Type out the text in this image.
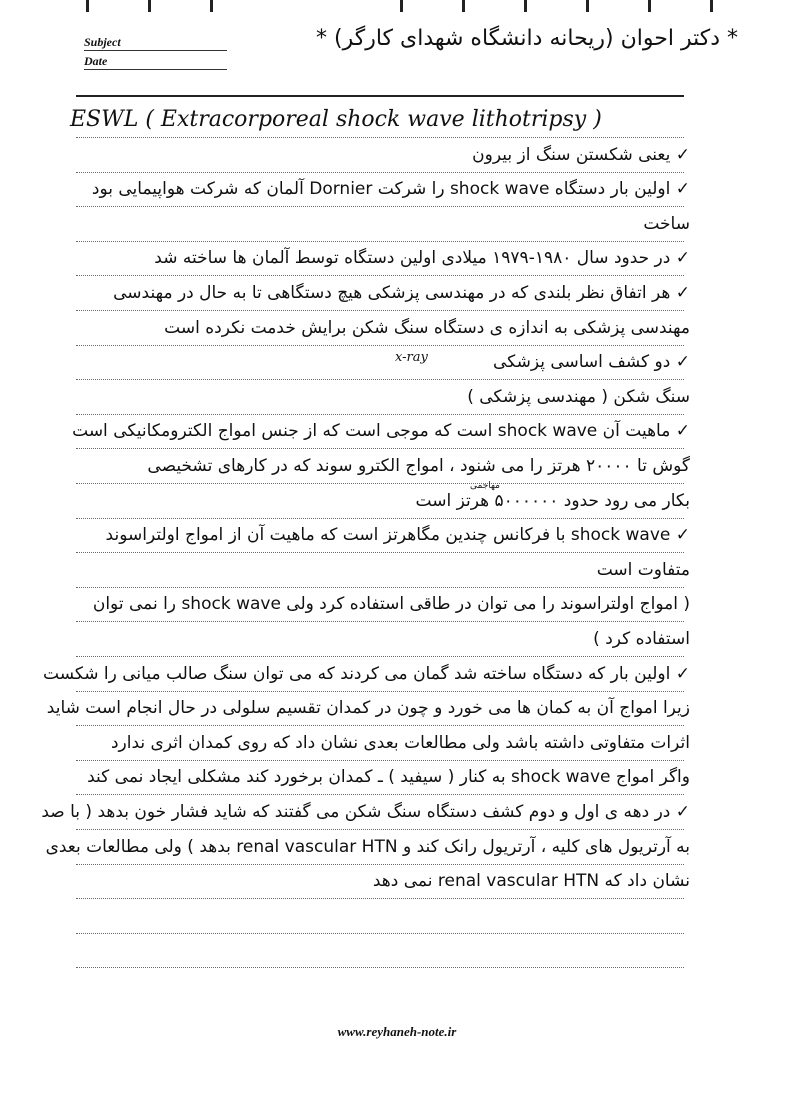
Subject
Date
* دکتر احوان (ریحانه دانشگاه شهدای کارگر) *
ESWL ( Extracorporeal shock wave lithotripsy )
✓ یعنی شکستن سنگ از بیرون
✓ اولین بار دستگاه shock wave را شرکت Dornier آلمان که شرکت هواپیمایی بود
ساخت
✓ در حدود سال ۱۹۸۰-۱۹۷۹ میلادی اولین دستگاه توسط آلمان ها ساخته شد
✓ هر اتفاق نظر بلندی که در مهندسی پزشکی هیچ دستگاهی تا به حال در مهندسی
مهندسی پزشکی به اندازه ی دستگاه سنگ شکن برایش خدمت نکرده است
✓ دو کشف اساسی پزشکی
سنگ شکن ( مهندسی پزشکی )
✓ ماهیت آن shock wave است که موجی است که از جنس امواج الکترومکانیکی است
گوش تا ۲۰۰۰۰ هرتز را می شنود ، امواج الکترو سوند که در کارهای تشخیصی
بکار می رود حدود ۵۰۰۰۰۰۰ هرتز است
✓ shock wave با فرکانس چندین مگاهرتز است که ماهیت آن از امواج اولتراسوند
متفاوت است
( امواج اولتراسوند را می توان در طاقی استفاده کرد ولی shock wave را نمی توان
استفاده کرد )
✓ اولین بار که دستگاه ساخته شد گمان می کردند که می توان سنگ صالب میانی را شکست
زیرا امواج آن به کمان ها می خورد و چون در کمدان تقسیم سلولی در حال انجام است شاید
اثرات متفاوتی داشته باشد ولی مطالعات بعدی نشان داد که روی کمدان اثری ندارد
واگر امواج shock wave به کنار ( سیفید ) ـ کمدان برخورد کند مشکلی ایجاد نمی کند
✓ در دهه ی اول و دوم کشف دستگاه سنگ شکن می گفتند که شاید فشار خون بدهد ( با صد
به آرتریول های کلیه ، آرتریول رانک کند و renal vascular HTN بدهد ) ولی مطالعات بعدی
نشان داد که renal vascular HTN نمی دهد
x-ray
مهاجمی
www.reyhaneh-note.ir
